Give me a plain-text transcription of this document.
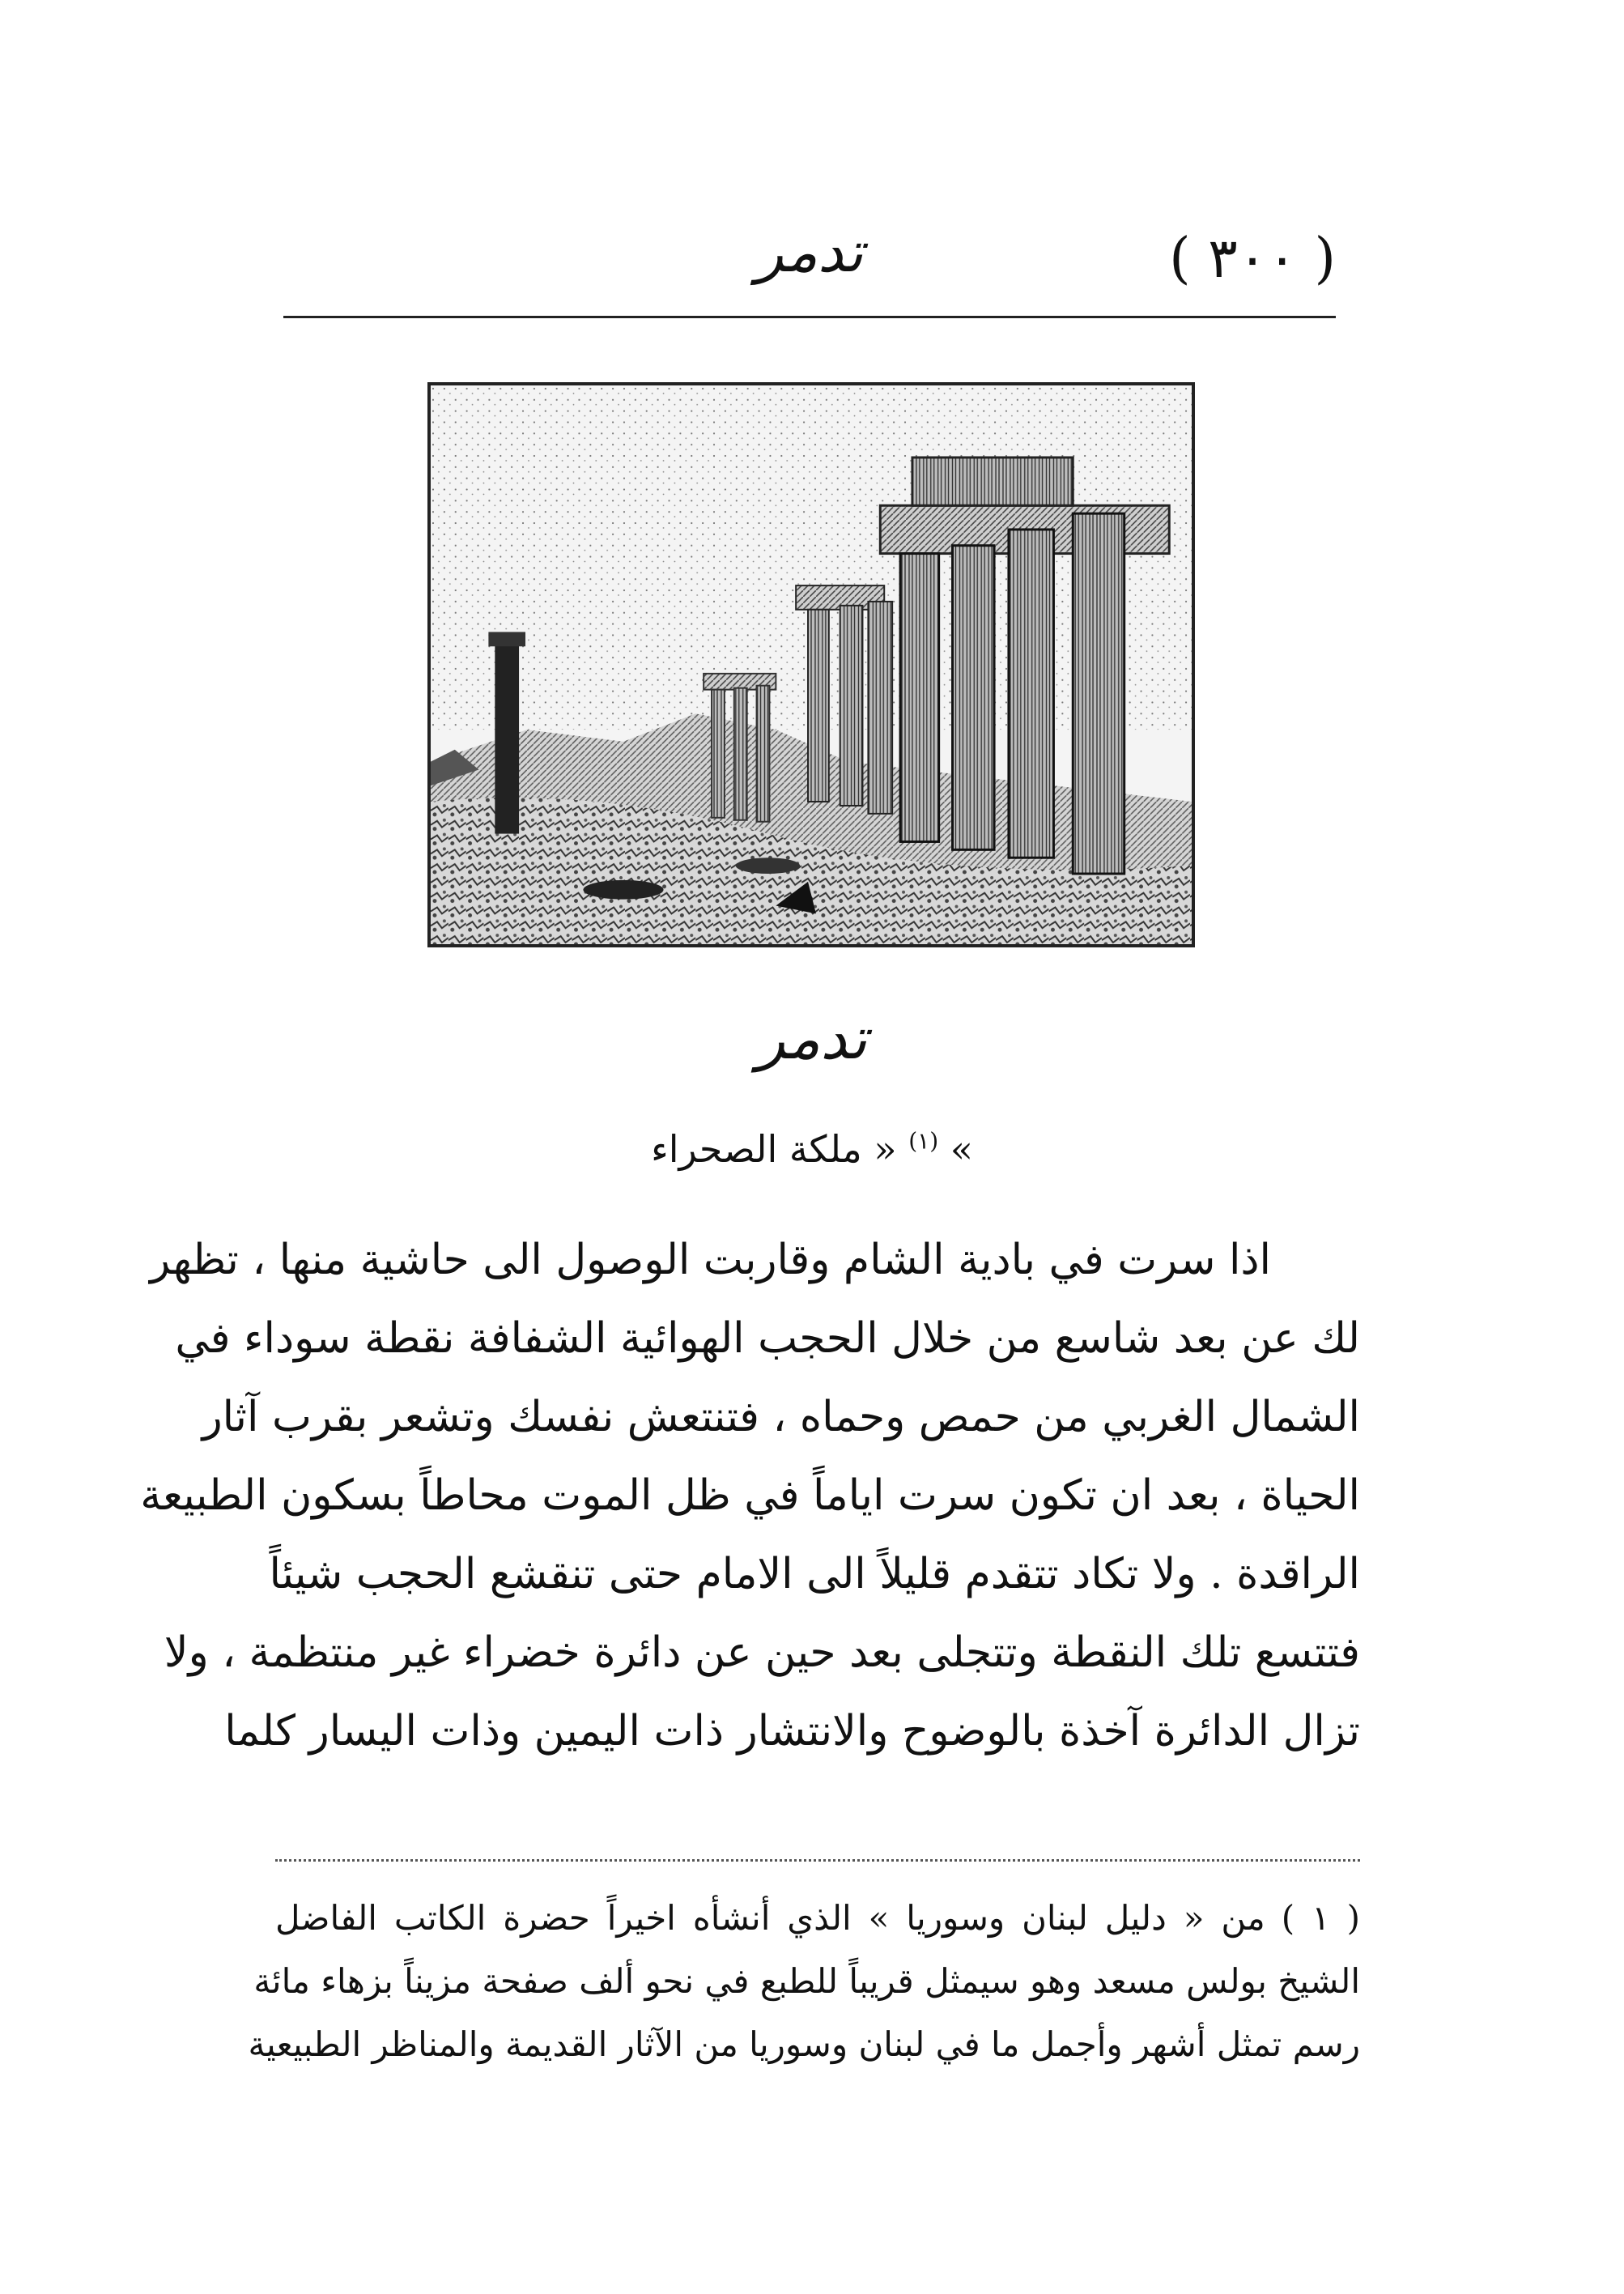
( ٣٠٠ )
تدمر
تدمر
» $^{(١)}$ « ملكة الصحراء
اذا سرت في بادية الشام وقاربت الوصول الى حاشية منها ، تظهر
لك عن بعد شاسع من خلال الحجب الهوائية الشفافة نقطة سوداء في
الشمال الغربي من حمص وحماه ، فتنتعش نفسك وتشعر بقرب آثار
الحياة ، بعد ان تكون سرت اياماً في ظل الموت محاطاً بسكون الطبيعة
الراقدة . ولا تكاد تتقدم قليلاً الى الامام حتى تنقشع الحجب شيئاً
فتتسع تلك النقطة وتتجلى بعد حين عن دائرة خضراء غير منتظمة ، ولا
تزال الدائرة آخذة بالوضوح والانتشار ذات اليمين وذات اليسار كلما
( ١ )من « دليل لبنان وسوريا » الذي أنشأه اخيراً حضرة الكاتب الفاضل
الشيخ بولس مسعد وهو سيمثل قريباً للطبع في نحو ألف صفحة مزيناً بزهاء مائة
رسم تمثل أشهر وأجمل ما في لبنان وسوريا من الآثار القديمة والمناظر الطبيعية
